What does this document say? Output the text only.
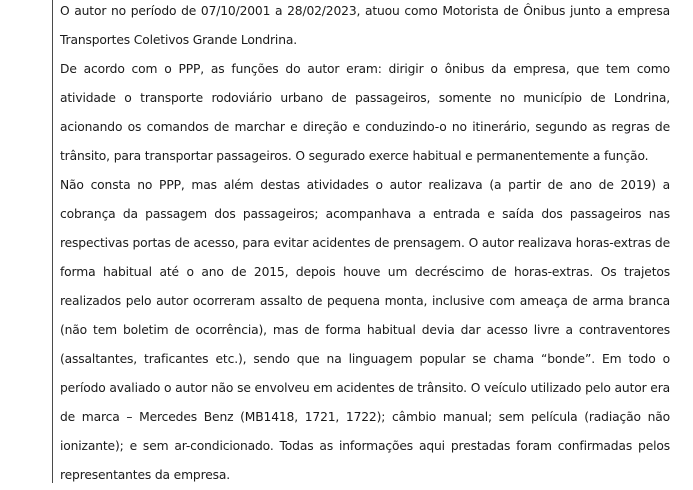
O autor no período de 07/10/2001 a 28/02/2023, atuou como Motorista de Ônibus junto a empresa Transportes Coletivos Grande Londrina.

De acordo com o PPP, as funções do autor eram: dirigir o ônibus da empresa, que tem como atividade o transporte rodoviário urbano de passageiros, somente no município de Londrina, acionando os comandos de marchar e direção e conduzindo-o no itinerário, segundo as regras de trânsito, para transportar passageiros. O segurado exerce habitual e permanentemente a função.

Não consta no PPP, mas além destas atividades o autor realizava (a partir de ano de 2019) a cobrança da passagem dos passageiros; acompanhava a entrada e saída dos passageiros nas respectivas portas de acesso, para evitar acidentes de prensagem. O autor realizava horas-extras de forma habitual até o ano de 2015, depois houve um decréscimo de horas-extras. Os trajetos realizados pelo autor ocorreram assalto de pequena monta, inclusive com ameaça de arma branca (não tem boletim de ocorrência), mas de forma habitual devia dar acesso livre a contraventores (assaltantes, traficantes etc.), sendo que na linguagem popular se chama “bonde”. Em todo o período avaliado o autor não se envolveu em acidentes de trânsito. O veículo utilizado pelo autor era de marca – Mercedes Benz (MB1418, 1721, 1722); câmbio manual; sem película (radiação não ionizante); e sem ar-condicionado. Todas as informações aqui prestadas foram confirmadas pelos representantes da empresa.
